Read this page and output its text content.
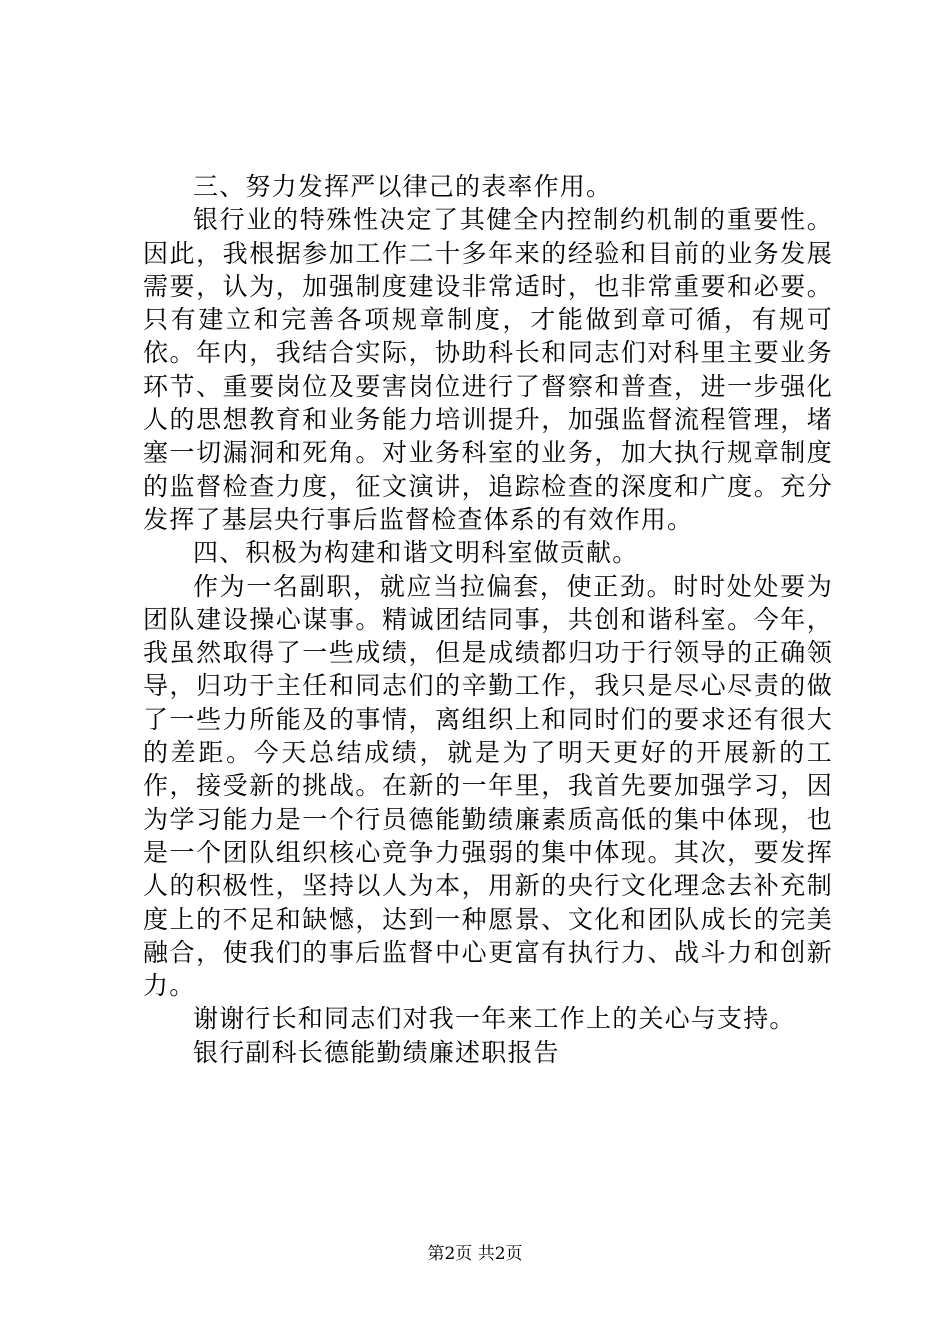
三、努力发挥严以律己的表率作用。

银行业的特殊性决定了其健全内控制约机制的重要性。因此，我根据参加工作二十多年来的经验和目前的业务发展需要，认为，加强制度建设非常适时，也非常重要和必要。只有建立和完善各项规章制度，才能做到章可循，有规可依。年内，我结合实际，协助科长和同志们对科里主要业务环节、重要岗位及要害岗位进行了督察和普查，进一步强化人的思想教育和业务能力培训提升，加强监督流程管理，堵塞一切漏洞和死角。对业务科室的业务，加大执行规章制度的监督检查力度，征文演讲，追踪检查的深度和广度。充分发挥了基层央行事后监督检查体系的有效作用。

四、积极为构建和谐文明科室做贡献。

作为一名副职，就应当拉偏套，使正劲。时时处处要为团队建设操心谋事。精诚团结同事，共创和谐科室。今年，我虽然取得了一些成绩，但是成绩都归功于行领导的正确领导，归功于主任和同志们的辛勤工作，我只是尽心尽责的做了一些力所能及的事情，离组织上和同时们的要求还有很大的差距。今天总结成绩，就是为了明天更好的开展新的工作，接受新的挑战。在新的一年里，我首先要加强学习，因为学习能力是一个行员德能勤绩廉素质高低的集中体现，也是一个团队组织核心竞争力强弱的集中体现。其次，要发挥人的积极性，坚持以人为本，用新的央行文化理念去补充制度上的不足和缺憾，达到一种愿景、文化和团队成长的完美融合，使我们的事后监督中心更富有执行力、战斗力和创新力。

谢谢行长和同志们对我一年来工作上的关心与支持。

银行副科长德能勤绩廉述职报告

第2页 共2页
